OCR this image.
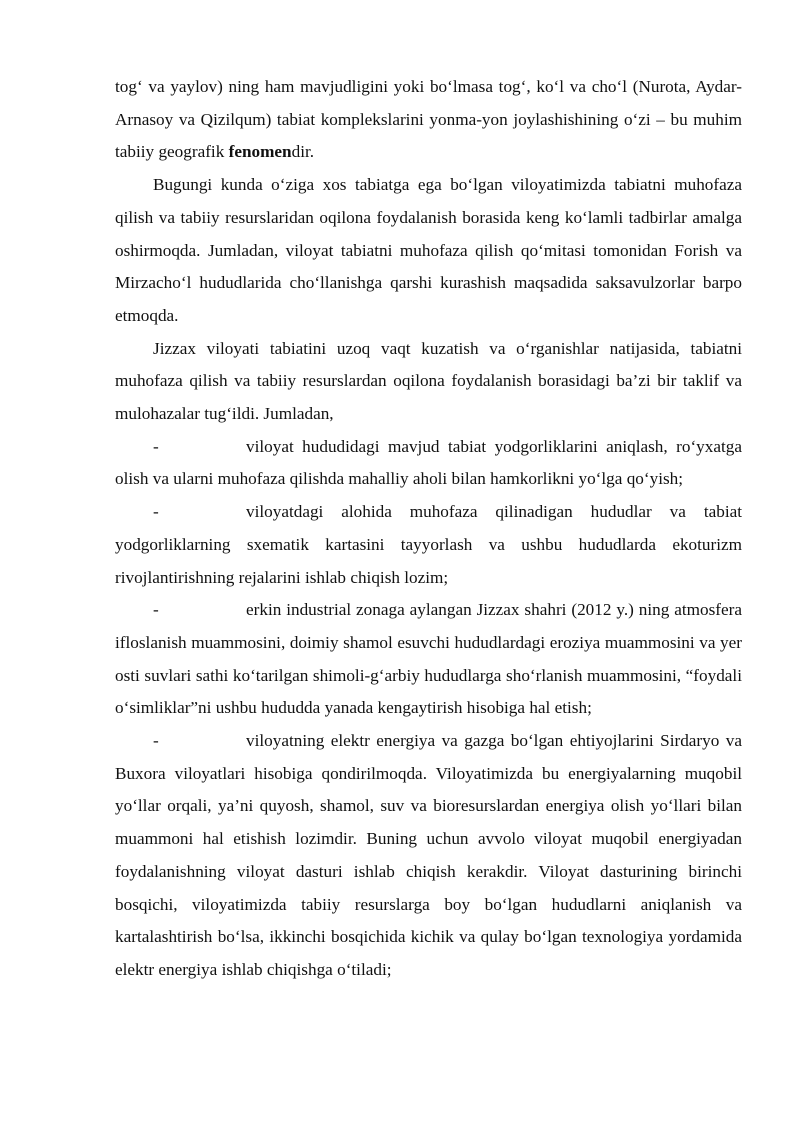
tog‘ va yaylov) ning ham mavjudligini yoki bo‘lmasa tog‘, ko‘l va cho‘l (Nurota, Aydar-Arnasoy va Qizilqum) tabiat komplekslarini yonma-yon joylashishining o‘zi – bu muhim tabiiy geografik fenomendir.

Bugungi kunda o‘ziga xos tabiatga ega bo‘lgan viloyatimizda tabiatni muhofaza qilish va tabiiy resurslaridan oqilona foydalanish borasida keng ko‘lamli tadbirlar amalga oshirmoqda. Jumladan, viloyat tabiatni muhofaza qilish qo‘mitasi tomonidan Forish va Mirzacho‘l hududlarida cho‘llanishga qarshi kurashish maqsadida saksavulzorlar barpo etmoqda.

Jizzax viloyati tabiatini uzoq vaqt kuzatish va o‘rganishlar natijasida, tabiatni muhofaza qilish va tabiiy resurslardan oqilona foydalanish borasidagi ba’zi bir taklif va mulohazalar tug‘ildi. Jumladan,

-	viloyat hududidagi mavjud tabiat yodgorliklarini aniqlash, ro‘yxatga olish va ularni muhofaza qilishda mahalliy aholi bilan hamkorlikni yo‘lga qo‘yish;

-	viloyatdagi alohida muhofaza qilinadigan hududlar va tabiat yodgorliklarning sxematik kartasini tayyorlash va ushbu hududlarda ekoturizm rivojlantirishning rejalarini ishlab chiqish lozim;

-	erkin industrial zonaga aylangan Jizzax shahri (2012 y.) ning atmosfera ifloslanish muammosini, doimiy shamol esuvchi hududlardagi eroziya muammosini va yer osti suvlari sathi ko‘tarilgan shimoli-g‘arbiy hududlarga sho‘rlanish muammosini, “foydali o‘simliklar”ni ushbu hududda yanada kengaytirish hisobiga hal etish;

-	viloyatning elektr energiya va gazga bo‘lgan ehtiyojlarini Sirdaryo va Buxora viloyatlari hisobiga qondirilmoqda. Viloyatimizda bu energiyalarning muqobil yo‘llar orqali, ya’ni quyosh, shamol, suv va bioresurslardan energiya olish yo‘llari bilan muammoni hal etishish lozimdir. Buning uchun avvolo viloyat muqobil energiyadan foydalanishning viloyat dasturi ishlab chiqish kerakdir. Viloyat dasturining birinchi bosqichi, viloyatimizda tabiiy resurslarga boy bo‘lgan hududlarni aniqlanish va kartalashtirish bo‘lsa, ikkinchi bosqichida kichik va qulay bo‘lgan texnologiya yordamida elektr energiya ishlab chiqishga o‘tiladi;
